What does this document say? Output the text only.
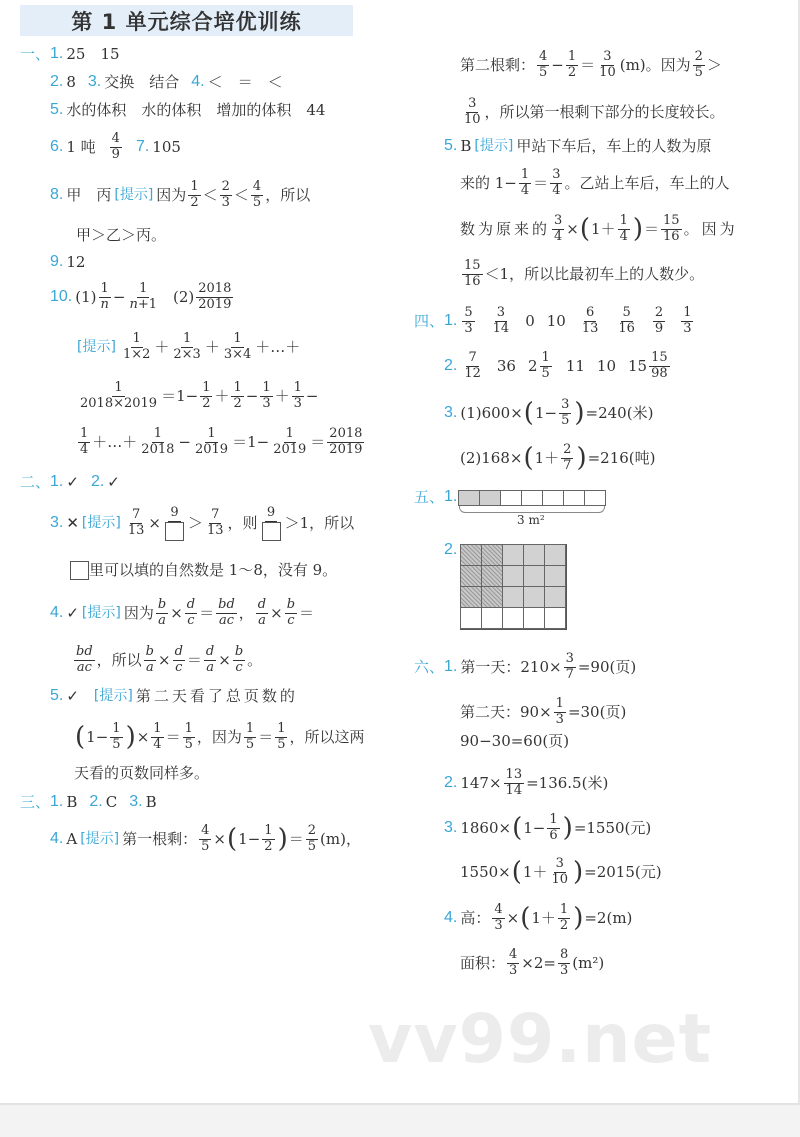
第 1 单元综合培优训练
一、 1. 25　15
2. 8 3. 交换　结合 4. ＜　＝　＜
5. 水的体积　水的体积　增加的体积　44
6. 1 吨 $\frac{4}{9} 7$. 105
8. 甲　丙 [提示] 因为 $\frac{1}{2} < \frac{2}{3} < \frac{4}{5}$ ，所以
甲＞乙＞丙。
9. 12
10. $(1) \frac{1}{n} - \frac{1}{n+1} (2) \frac{2018}{2019}$
[提示] $\frac{1}{1\times 2} + \frac{1}{2\times 3} + \frac{1}{3\times 4}$ ＋…＋
$\frac{1}{2018\times 2019} =1- \frac{1}{2} + \frac{1}{2} - \frac{1}{3} + \frac{1}{3}$ −
$\frac{1}{4}$ ＋…＋ $\frac{1}{2018} - \frac{1}{2019} =1- \frac{1}{2019} = \frac{2018}{2019}$
二、 1. ✓ 2. ✓
3. ✕ [提示] $\frac{7}{13}$ ×
9
＞ $\frac{7}{13}$ ，则
9
＞1 ，所以
里可以填的自然数是 1～8，没有 9。
4. ✓ [提示] 因为 $\frac{b}{a} \times \frac{d}{c} = \frac{bd}{ac}$ ， $\frac{d}{a} \times \frac{b}{c}$ ＝
$\frac{bd}{ac}$ ，所以 $\frac{b}{a} \times \frac{d}{c} = \frac{d}{a} \times \frac{b}{c}$ 。
5. ✓ [提示] 第二天看了总页数的
( $1- \frac{1}{5}$ ) × $\frac{1}{4} = \frac{1}{5}$ ， 因为 $\frac{1}{5} = \frac{1}{5}$ ，所以这两
天看的页数同样多。
三、 1. B 2. C 3. B
4. A [提示] 第一根剩： $\frac{4}{5}$ × ( $1- \frac{1}{2}$ ) ＝ $\frac{2}{5} (m)$，
第二根剩： $\frac{4}{5} - \frac{1}{2} = \frac{3}{10} (m)$。因为 $\frac{2}{5}$ ＞
$\frac{3}{10}$ ，所以第一根剩下部分的长度较长。
5. B [提示] 甲站下车后，车上的人数为原
来的 $1- \frac{1}{4} = \frac{3}{4}$ 。乙站上车后，车上的人
数为原来的 $\frac{3}{4}$ × ( $1+ \frac{1}{4}$ ) ＝ $\frac{15}{16}$ 。因为
$\frac{15}{16} <1$，所以比最初车上的人数少。
四、 1. $\frac{5}{3} \frac{3}{14} 0$ $10 \frac{6}{13} \frac{5}{16} \frac{2}{9} \frac{1}{3}$
2. $\frac{7}{12} 36$ $2 \frac{1}{5} 11$ 10 $15 \frac{15}{98}$
3. (1)600× ( $1- \frac{3}{5}$ ) =240(米)
(2)168× ( $1+ \frac{2}{7}$ ) =216(吨)
五、 1.
3 m²
2.
六、 1. 第一天：$210\times \frac{3}{7} =90$(页)
第二天：$90\times \frac{1}{3} =30$(页)
90−30=60(页)
2. $147\times \frac{13}{14} =136.5$(米)
3. 1860× ( $1- \frac{1}{6}$ ) =1550(元)
1550× ( $1+ \frac{3}{10}$ ) =2015(元)
4. 高： $\frac{4}{3}$ × ( $1+ \frac{1}{2}$ ) =2(m)
面积： $\frac{4}{3} \times 2= \frac{8}{3} (m^2)$
vv99.net
